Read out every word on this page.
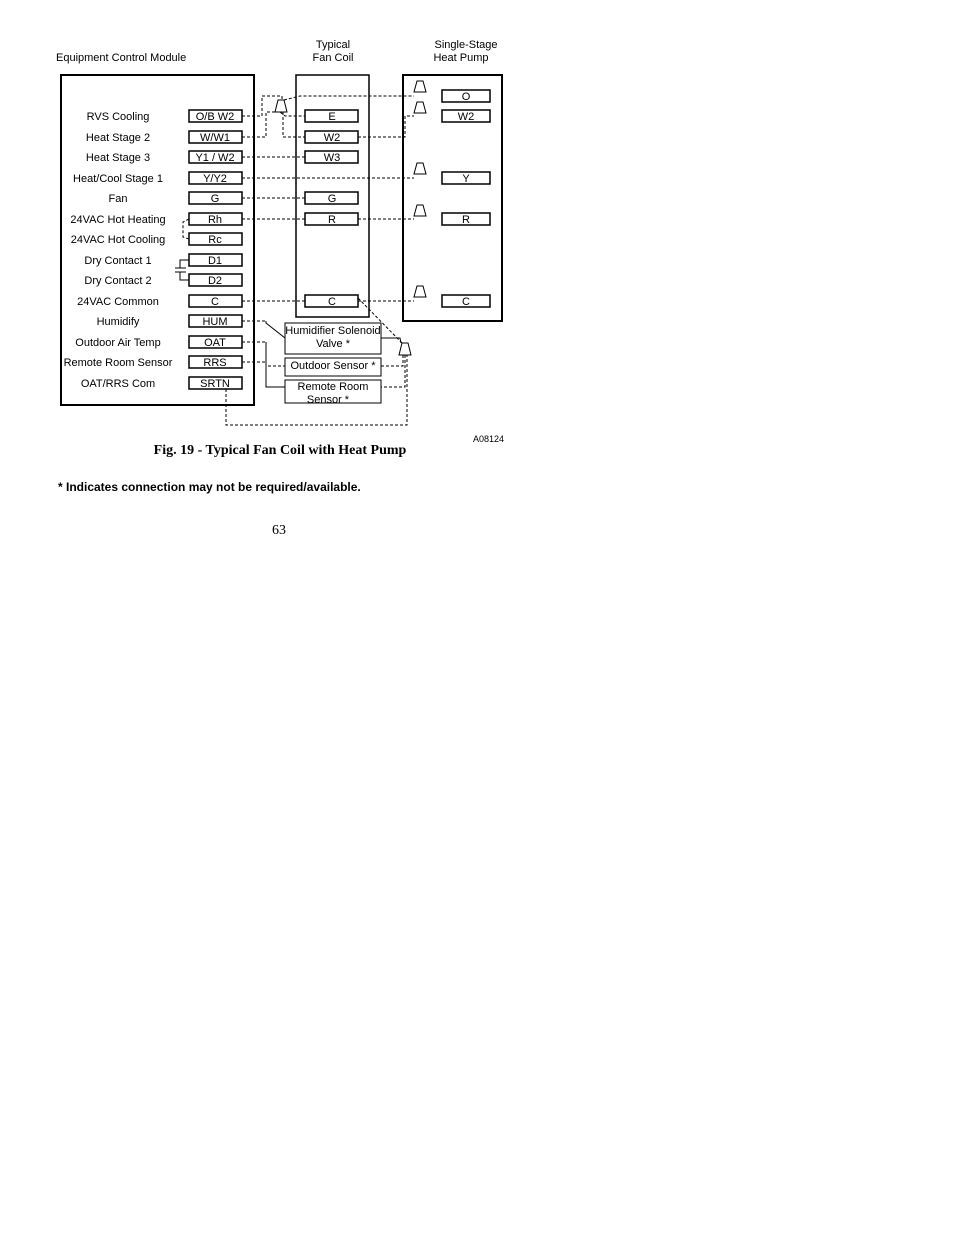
Equipment Control Module
Typical
Fan Coil
Single-Stage
Heat Pump
RVS Cooling
Heat Stage 2
Heat Stage 3
Heat/Cool Stage 1
Fan
24VAC Hot Heating
24VAC Hot Cooling
Dry Contact 1
Dry Contact 2
24VAC Common
Humidify
Outdoor Air Temp
Remote Room Sensor
OAT/RRS Com
O/B W2
W/W1
Y1 / W2
Y/Y2
G
Rh
Rc
D1
D2
C
HUM
OAT
RRS
SRTN
E
W2
W3
G
R
C
O
W2
Y
R
C
Humidifier Solenoid
Valve *
Outdoor Sensor *
Remote Room
Sensor *
A08124
Fig. 19 - Typical Fan Coil with Heat Pump
* Indicates connection may not be required/available.
63
